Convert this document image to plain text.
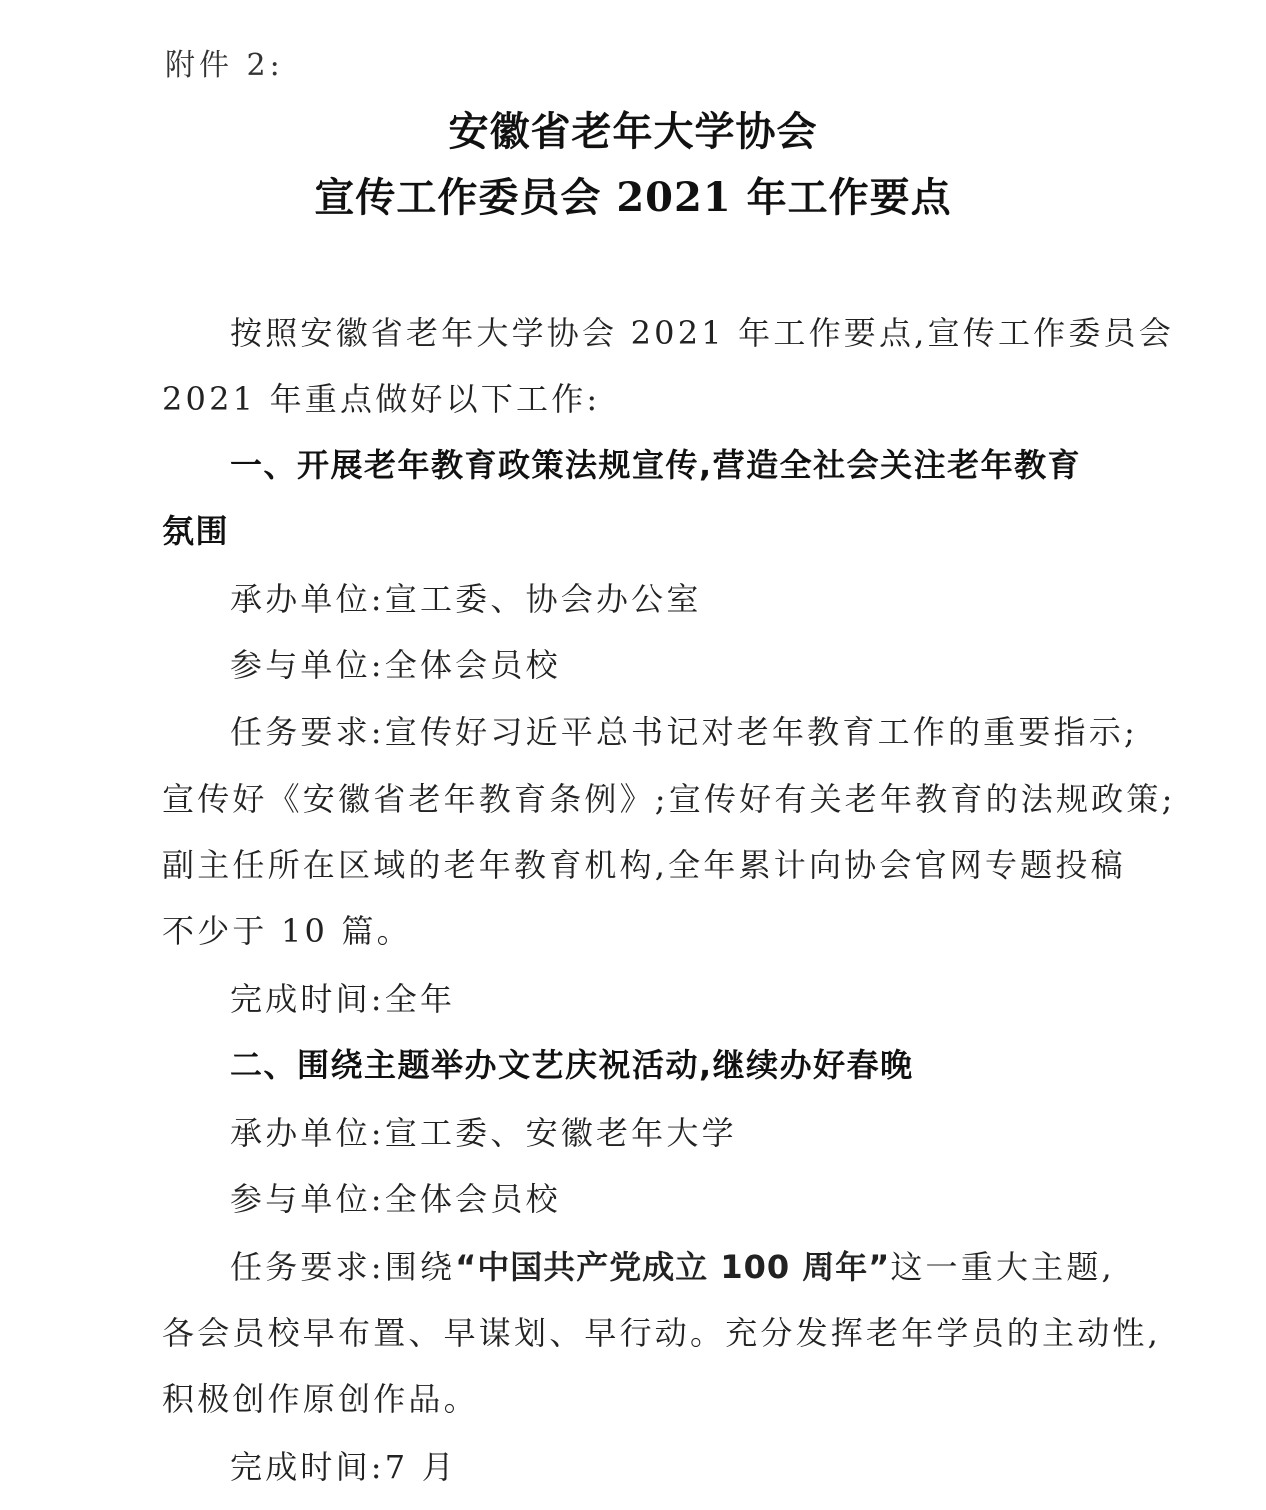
附件 2:
安徽省老年大学协会
宣传工作委员会 2021 年工作要点
按照安徽省老年大学协会 2021 年工作要点,宣传工作委员会
2021 年重点做好以下工作:
一、开展老年教育政策法规宣传,营造全社会关注老年教育
氛围
承办单位:宣工委、协会办公室
参与单位:全体会员校
任务要求:宣传好习近平总书记对老年教育工作的重要指示;
宣传好《安徽省老年教育条例》;宣传好有关老年教育的法规政策;
副主任所在区域的老年教育机构,全年累计向协会官网专题投稿
不少于 10 篇。
完成时间:全年
二、围绕主题举办文艺庆祝活动,继续办好春晚
承办单位:宣工委、安徽老年大学
参与单位:全体会员校
任务要求:围绕“中国共产党成立 100 周年”这一重大主题,
各会员校早布置、早谋划、早行动。充分发挥老年学员的主动性,
积极创作原创作品。
完成时间:7 月
